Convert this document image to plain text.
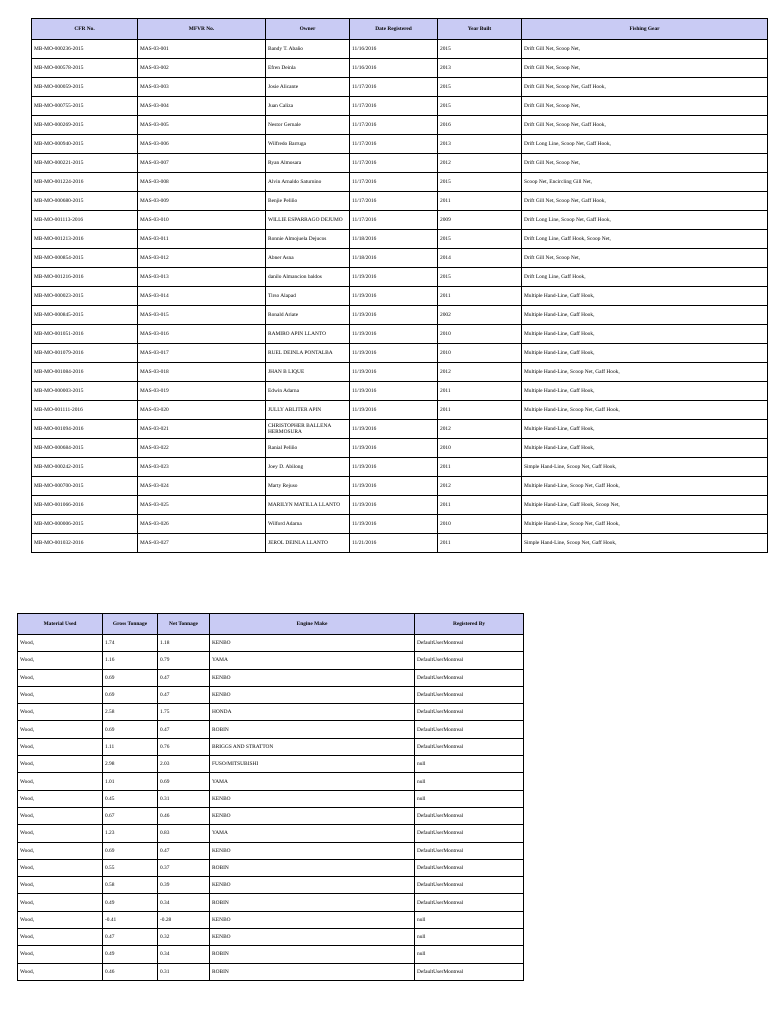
CFR No.	MFVR No.	Owner	Date Registered	Year Built	Fishing Gear
MB-MO-000236-2015	MAS-03-001	Bandy T. Abaño	11/16/2016	2015	Drift Gill Net, Scoop Net,
MB-MO-000578-2015	MAS-03-002	Efren Deinla	11/16/2016	2013	Drift Gill Net, Scoop Net,
MB-MO-000059-2015	MAS-03-003	Josie Alicante	11/17/2016	2015	Drift Gill Net, Scoop Net, Gaff Hook,
MB-MO-000755-2015	MAS-03-004	Juan Caliza	11/17/2016	2015	Drift Gill Net, Scoop Net,
MB-MO-000269-2015	MAS-03-005	Nestor Gernale	11/17/2016	2016	Drift Gill Net, Scoop Net, Gaff Hook,
MB-MO-000940-2015	MAS-03-006	Wilfredo Barruga	11/17/2016	2013	Drift Long Line, Scoop Net, Gaff Hook,
MB-MO-000221-2015	MAS-03-007	Ryan Almosara	11/17/2016	2012	Drift Gill Net, Scoop Net,
MB-MO-001224-2016	MAS-03-008	Alvin Arnaldo Saturnino	11/17/2016	2015	Scoop Net, Encircling Gill Net,
MB-MO-000680-2015	MAS-03-009	Benjie Peliño	11/17/2016	2011	Drift Gill Net, Scoop Net, Gaff Hook,
MB-MO-001113-2016	MAS-03-010	WILLIE ESPARRAGO DEJUMO	11/17/2016	2009	Drift Long Line, Scoop Net, Gaff Hook,
MB-MO-001213-2016	MAS-03-011	Ronnie Almojuela Dejucos	11/18/2016	2015	Drift Long Line, Gaff Hook, Scoop Net,
MB-MO-000854-2015	MAS-03-012	Abner Asna	11/18/2016	2014	Drift Gill Net, Scoop Net,
MB-MO-001216-2016	MAS-03-013	danilo Almancion baldos	11/19/2016	2015	Drift Long Line, Gaff Hook,
MB-MO-000023-2015	MAS-03-014	Tirso Alapad	11/19/2016	2011	Multiple Hand-Line, Gaff Hook,
MB-MO-000845-2015	MAS-03-015	Ronald Ariate	11/19/2016	2002	Multiple Hand-Line, Gaff Hook,
MB-MO-001051-2016	MAS-03-016	RAMIRO APIN LLANTO	11/19/2016	2010	Multiple Hand-Line, Gaff Hook,
MB-MO-001079-2016	MAS-03-017	RUEL DEINLA PONTALBA	11/19/2016	2010	Multiple Hand-Line, Gaff Hook,
MB-MO-001084-2016	MAS-03-018	JHAN B LIQUE	11/19/2016	2012	Multiple Hand-Line, Scoop Net, Gaff Hook,
MB-MO-000003-2015	MAS-03-019	Edwin Adarna	11/19/2016	2011	Multiple Hand-Line, Gaff Hook,
MB-MO-001111-2016	MAS-03-020	JULLY ABLITER APIN	11/19/2016	2011	Multiple Hand-Line, Scoop Net, Gaff Hook,
MB-MO-001094-2016	MAS-03-021	CHRISTOPHER BALLENA HERMOSURA	11/19/2016	2012	Multiple Hand-Line, Gaff Hook,
MB-MO-000684-2015	MAS-03-022	Ranial Peliño	11/19/2016	2010	Multiple Hand-Line, Gaff Hook,
MB-MO-000242-2015	MAS-03-023	Joey D. Abilong	11/19/2016	2011	Simple Hand-Line, Scoop Net, Gaff Hook,
MB-MO-000700-2015	MAS-03-024	Marty Rejuso	11/19/2016	2012	Multiple Hand-Line, Scoop Net, Gaff Hook,
MB-MO-001066-2016	MAS-03-025	MARILYN MATILLA LLANTO	11/19/2016	2011	Multiple Hand-Line, Gaff Hook, Scoop Net,
MB-MO-000006-2015	MAS-03-026	Wilford Adarna	11/19/2016	2010	Multiple Hand-Line, Scoop Net, Gaff Hook,
MB-MO-001032-2016	MAS-03-027	JEROL DEINLA LLANTO	11/21/2016	2011	Simple Hand-Line, Scoop Net, Gaff Hook,
Material Used	Gross Tonnage	Net Tonnage	Engine Make	Registered By
Wood,	1.74	1.18	KENBO	DefaultUserMontreal
Wood,	1.16	0.79	YAMA	DefaultUserMontreal
Wood,	0.69	0.47	KENBO	DefaultUserMontreal
Wood,	0.69	0.47	KENBO	DefaultUserMontreal
Wood,	2.58	1.75	HONDA	DefaultUserMontreal
Wood,	0.69	0.47	ROBIN	DefaultUserMontreal
Wood,	1.11	0.76	BRIGGS AND STRATTON	DefaultUserMontreal
Wood,	2.98	2.03	FUSO/MITSUBISHI	null
Wood,	1.01	0.69	YAMA	null
Wood,	0.45	0.31	KENBO	null
Wood,	0.67	0.46	KENBO	DefaultUserMontreal
Wood,	1.23	0.83	YAMA	DefaultUserMontreal
Wood,	0.69	0.47	KENBO	DefaultUserMontreal
Wood,	0.55	0.37	ROBIN	DefaultUserMontreal
Wood,	0.58	0.39	KENBO	DefaultUserMontreal
Wood,	0.49	0.34	ROBIN	DefaultUserMontreal
Wood,	-0.41	-0.28	KENBO	null
Wood,	0.47	0.32	KENBO	null
Wood,	0.49	0.34	ROBIN	null
Wood,	0.46	0.31	ROBIN	DefaultUserMontreal
